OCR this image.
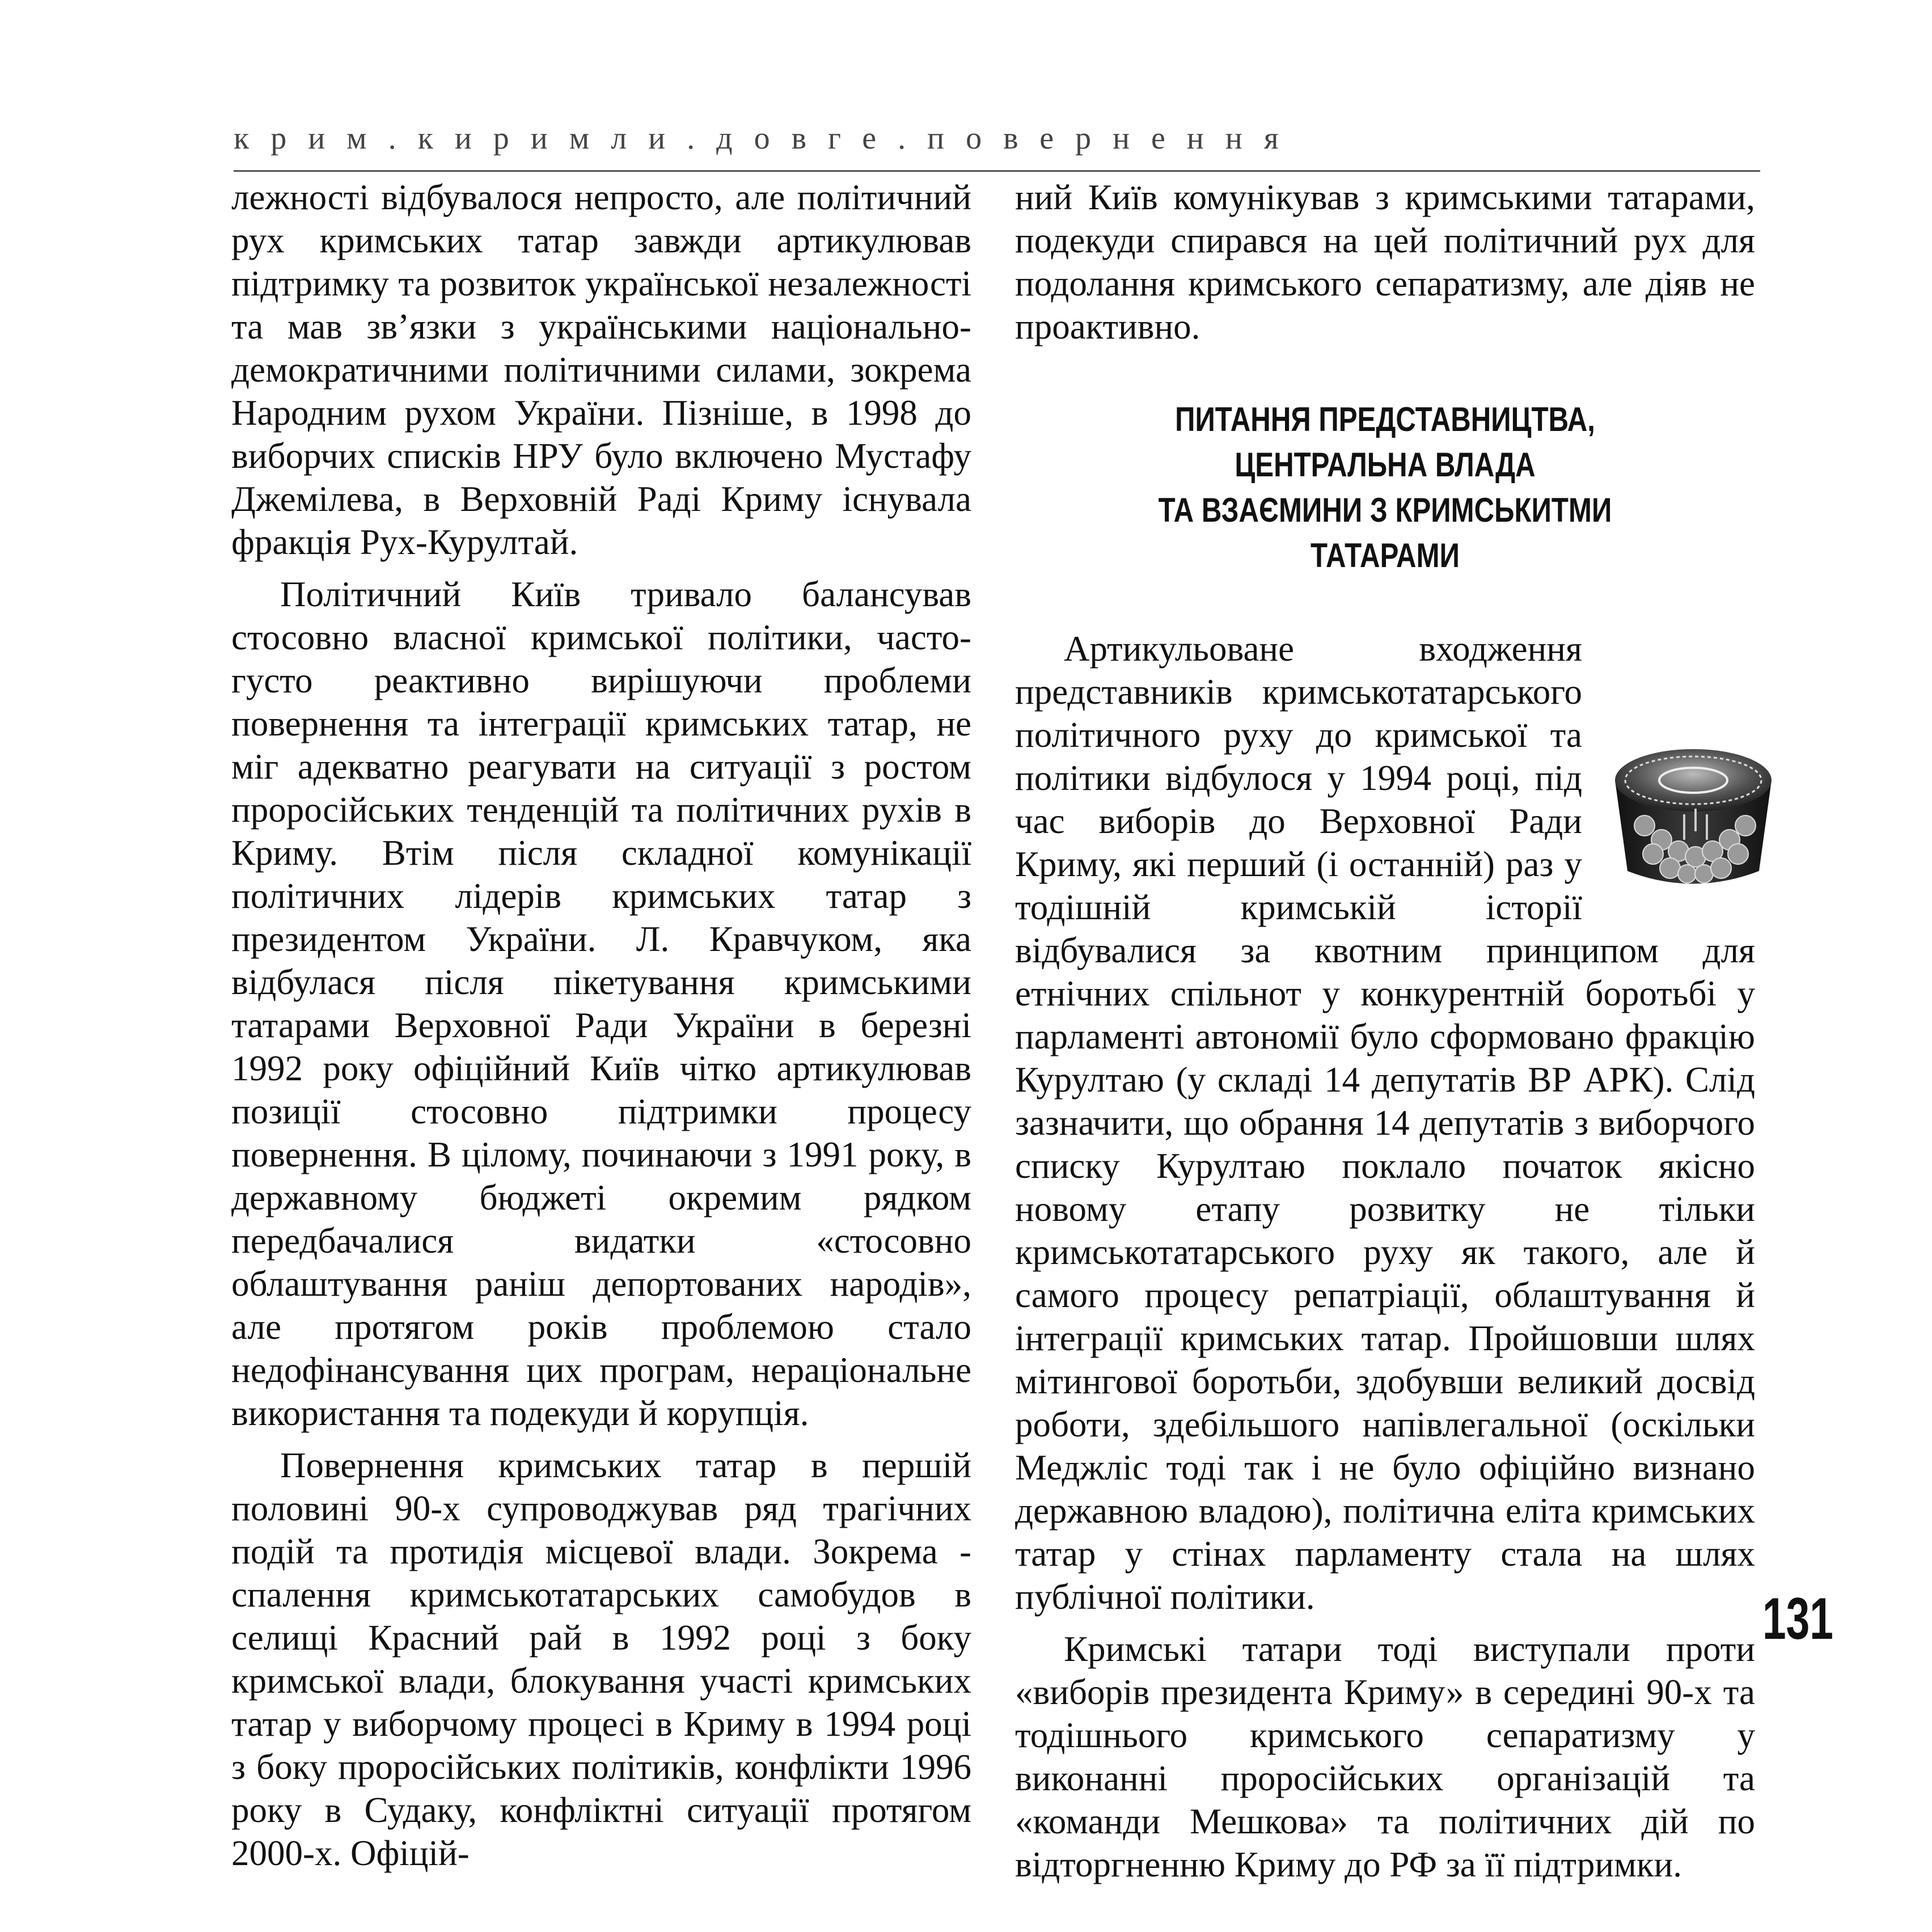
крим.киримли.довге.повернення

лежності відбувалося непросто, але політичний рух кримських татар завжди артикулював підтримку та розвиток української незалежності та мав зв’язки з українськими національно-демократичними політичними силами, зокрема Народним рухом України. Пізніше, в 1998 до виборчих списків НРУ було включено Мустафу Джемілева, в Верховній Раді Криму існувала фракція Рух-Курултай.

Політичний Київ тривало балансував стосовно власної кримської політики, часто- густо реактивно вирішуючи проблеми повернення та інтеграції кримських татар, не міг адекватно реагувати на ситуації з ростом проросійських тенденцій та політичних рухів в Криму. Втім після складної комунікації політичних лідерів кримських татар з президентом України. Л. Кравчуком, яка відбулася після пікетування кримськими татарами Верховної Ради України в березні 1992 року офіційний Київ чітко артикулював позиції стосовно підтримки процесу повернення. В цілому, починаючи з 1991 року, в державному бюджеті окремим рядком передбачалися видатки «стосовно облаштування раніш депортованих народів», але протягом років проблемою стало недофінансування цих програм, нераціональне використання та подекуди й корупція.

Повернення кримських татар в першій половині 90-х супроводжував ряд трагічних подій та протидія місцевої влади. Зокрема - спалення кримськотатарських самобудов в селищі Красний рай в 1992 році з боку кримської влади, блокування участі кримських татар у виборчому процесі в Криму в 1994 році з боку проросійських політиків, конфлікти 1996 року в Судаку, конфліктні ситуації протягом 2000-х. Офіцій-

ний Київ комунікував з кримськими татарами, подекуди спирався на цей політичний рух для подолання кримського сепаратизму, але діяв не проактивно.

ПИТАННЯ ПРЕДСТАВНИЦТВА,
ЦЕНТРАЛЬНА ВЛАДА
ТА ВЗАЄМИНИ З КРИМСЬКИТМИ ТАТАРАМИ

Артикульоване входження представників кримськотатарського політичного руху до кримської та політики відбулося у 1994 році, під час виборів до Верховної Ради Криму, які перший (і останній) раз у тодішній кримській історії відбувалися за квотним принципом для етнічних спільнот у конкурентній боротьбі у парламенті автономії було сформовано фракцію Курултаю (у складі 14 депутатів ВР АРК). Слід зазначити, що обрання 14 депутатів з виборчого списку Курултаю поклало початок якісно новому етапу розвитку не тільки кримськотатарського руху як такого, але й самого процесу репатріації, облаштування й інтеграції кримських татар. Пройшовши шлях мітингової боротьби, здобувши великий досвід роботи, здебільшого напівлегальної (оскільки Меджліс тоді так і не було офіційно визнано державною владою), політична еліта кримських татар у стінах парламенту стала на шлях публічної політики.

Кримські татари тоді виступали проти «виборів президента Криму» в середині 90-х та тодішнього кримського сепаратизму у виконанні проросійських організацій та «команди Мешкова» та політичних дій по відторгненню Криму до РФ за її підтримки.

131
